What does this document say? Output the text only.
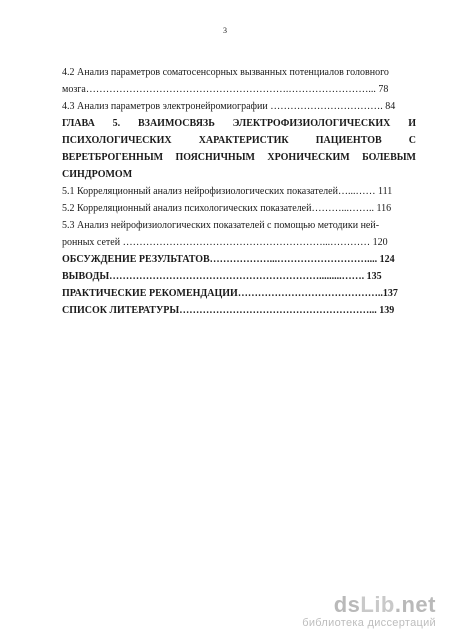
3

4.2 Анализ параметров соматосенсорных вызванных потенциалов головного

мозга…………………………………………………….……………………... 78

4.3 Анализ параметров электронейромиографии ……………………………. 84

ГЛАВА 5. ВЗАИМОСВЯЗЬ ЭЛЕКТРОФИЗИОЛОГИЧЕСКИХ И ПСИХОЛОГИЧЕСКИХ ХАРАКТЕРИСТИК ПАЦИЕНТОВ С ВЕРЕТБРОГЕННЫМ ПОЯСНИЧНЫМ ХРОНИЧЕСКИМ БОЛЕВЫМ СИНДРОМОМ

5.1 Корреляционный анализ нейрофизиологических показателей…...…… 111

5.2 Корреляционный анализ психологических показателей………...…….. 116

5.3 Анализ нейрофизиологических показателей с помощью методики ней-

ронных сетей ……………………………………………………...………… 120

ОБСУЖДЕНИЕ РЕЗУЛЬТАТОВ………………...……………………….... 124

ВЫВОДЫ……………………………………………………….........……. 135

ПРАКТИЧЕСКИЕ РЕКОМЕНДАЦИИ……………………………………..137

СПИСОК ЛИТЕРАТУРЫ…………………………………………………... 139

dsLib.net
библиотека диссертаций
